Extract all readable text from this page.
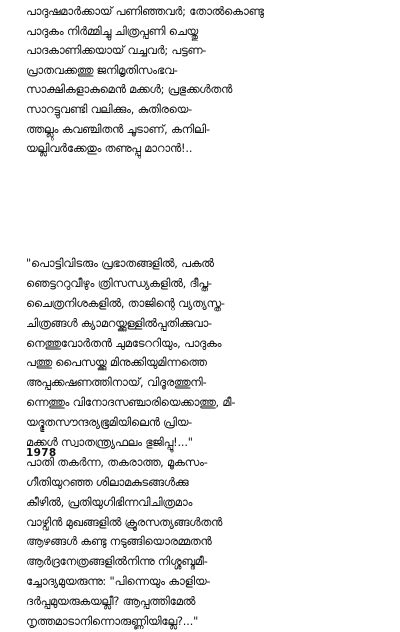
പാദുഷമാർക്കായ് പണിഞ്ഞവർ; തോൽകൊണ്ടു
പാദുകം നിർമ്മിച്ചു ചിത്രപ്പണി ചെയ്തു
പാദകാണിക്കയായ് വച്ചവർ; പട്ടണ-
പ്രാതവക്കത്തു ജനിമൃതിസംഭവ-
സാക്ഷികളാകുമെൻ മക്കൾ; പ്രഭുക്കൾതൻ
സാറട്ടുവണ്ടി വലിക്കും, കുതിരയെ-
ത്തല്ലും കവഞ്ചിതൻ ചൂടാണ്, കനിലി-
യല്ലിവർക്കേതും തണുപ്പു മാറാൻ!..
"പൊട്ടിവിടരും പ്രഭാതങ്ങളിൽ, പകൽ
ഞെട്ടററുവീഴും ത്രിസന്ധ്യകളിൽ, ദീപ്ത-
ചൈത്രനിശകളിൽ, താജിന്റെ വ്യത്യസ്ത-
ചിത്രങ്ങൾ ക്യാമറയ്ക്കുള്ളിൽപ്പതിക്കുവാ-
നെത്തുവോർതൻ ചുമടേററിയും, പാദുകം
പത്തു പൈസയ്ക്കു മിനുക്കിയുമിന്നത്തെ
അപ്പക്കഷണത്തിനായ്, വിദൂരത്തുനി-
ന്നെത്തും വിനോദസഞ്ചാരിയെക്കാത്തു, മീ-
യദ്ഭുതസൗന്ദര്യഭൂമിയിലെൻ പ്രിയ-
മക്കൾ സ്വാതന്ത്ര്യഫലം ഭുജിപ്പൂ!..."
പാതി തകർന്ന, തകരാത്ത, മൂകസം-
ഗീതിയുറഞ്ഞ ശിലാമകുടങ്ങൾക്കു
കീഴിൽ, പ്രതിയുഗിഭിന്നവിചിത്രമാം
വാഴ്വിൻ മുഖങ്ങളിൽ ക്രൂരസത്യങ്ങൾതൻ
ആഴങ്ങൾ കണ്ടു നടുങ്ങിയൊരമ്മതൻ
ആർദ്രനേത്രങ്ങളിൽനിന്നു നിശ്ശബ്ദമീ-
ച്ചോദ്യമുയരുന്നു: "പിന്നെയും കാളിയ-
ദർപ്പമുയരുകയല്ലീ? ആപ്പത്തിമേൽ
നൃത്തമാടാനിന്നൊരുണ്ണിയില്ലേ?..."
1978
